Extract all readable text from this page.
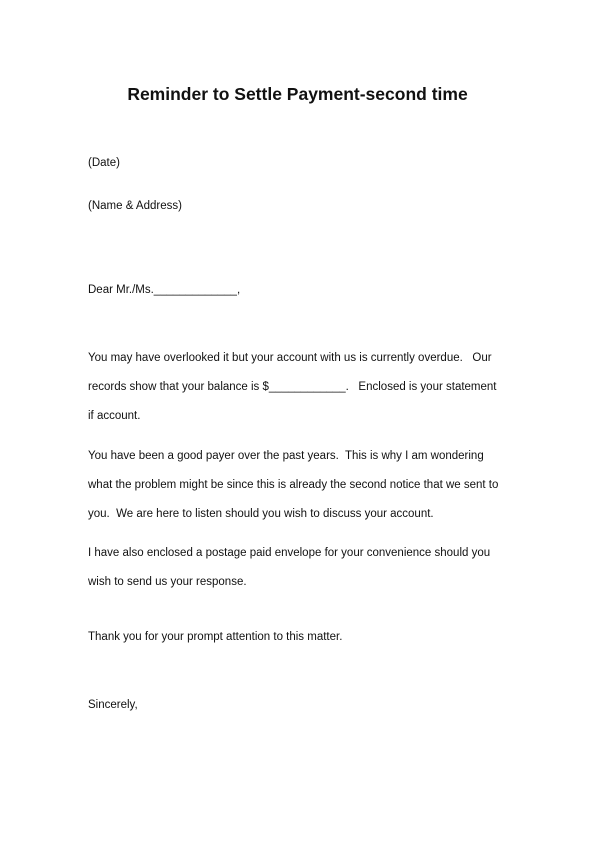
Reminder to Settle Payment-second time
(Date)
(Name & Address)
Dear Mr./Ms._____________,
You may have overlooked it but your account with us is currently overdue.   Our
records show that your balance is $____________.   Enclosed is your statement
if account.
You have been a good payer over the past years.  This is why I am wondering
what the problem might be since this is already the second notice that we sent to
you.  We are here to listen should you wish to discuss your account.
I have also enclosed a postage paid envelope for your convenience should you
wish to send us your response.
Thank you for your prompt attention to this matter.
Sincerely,
